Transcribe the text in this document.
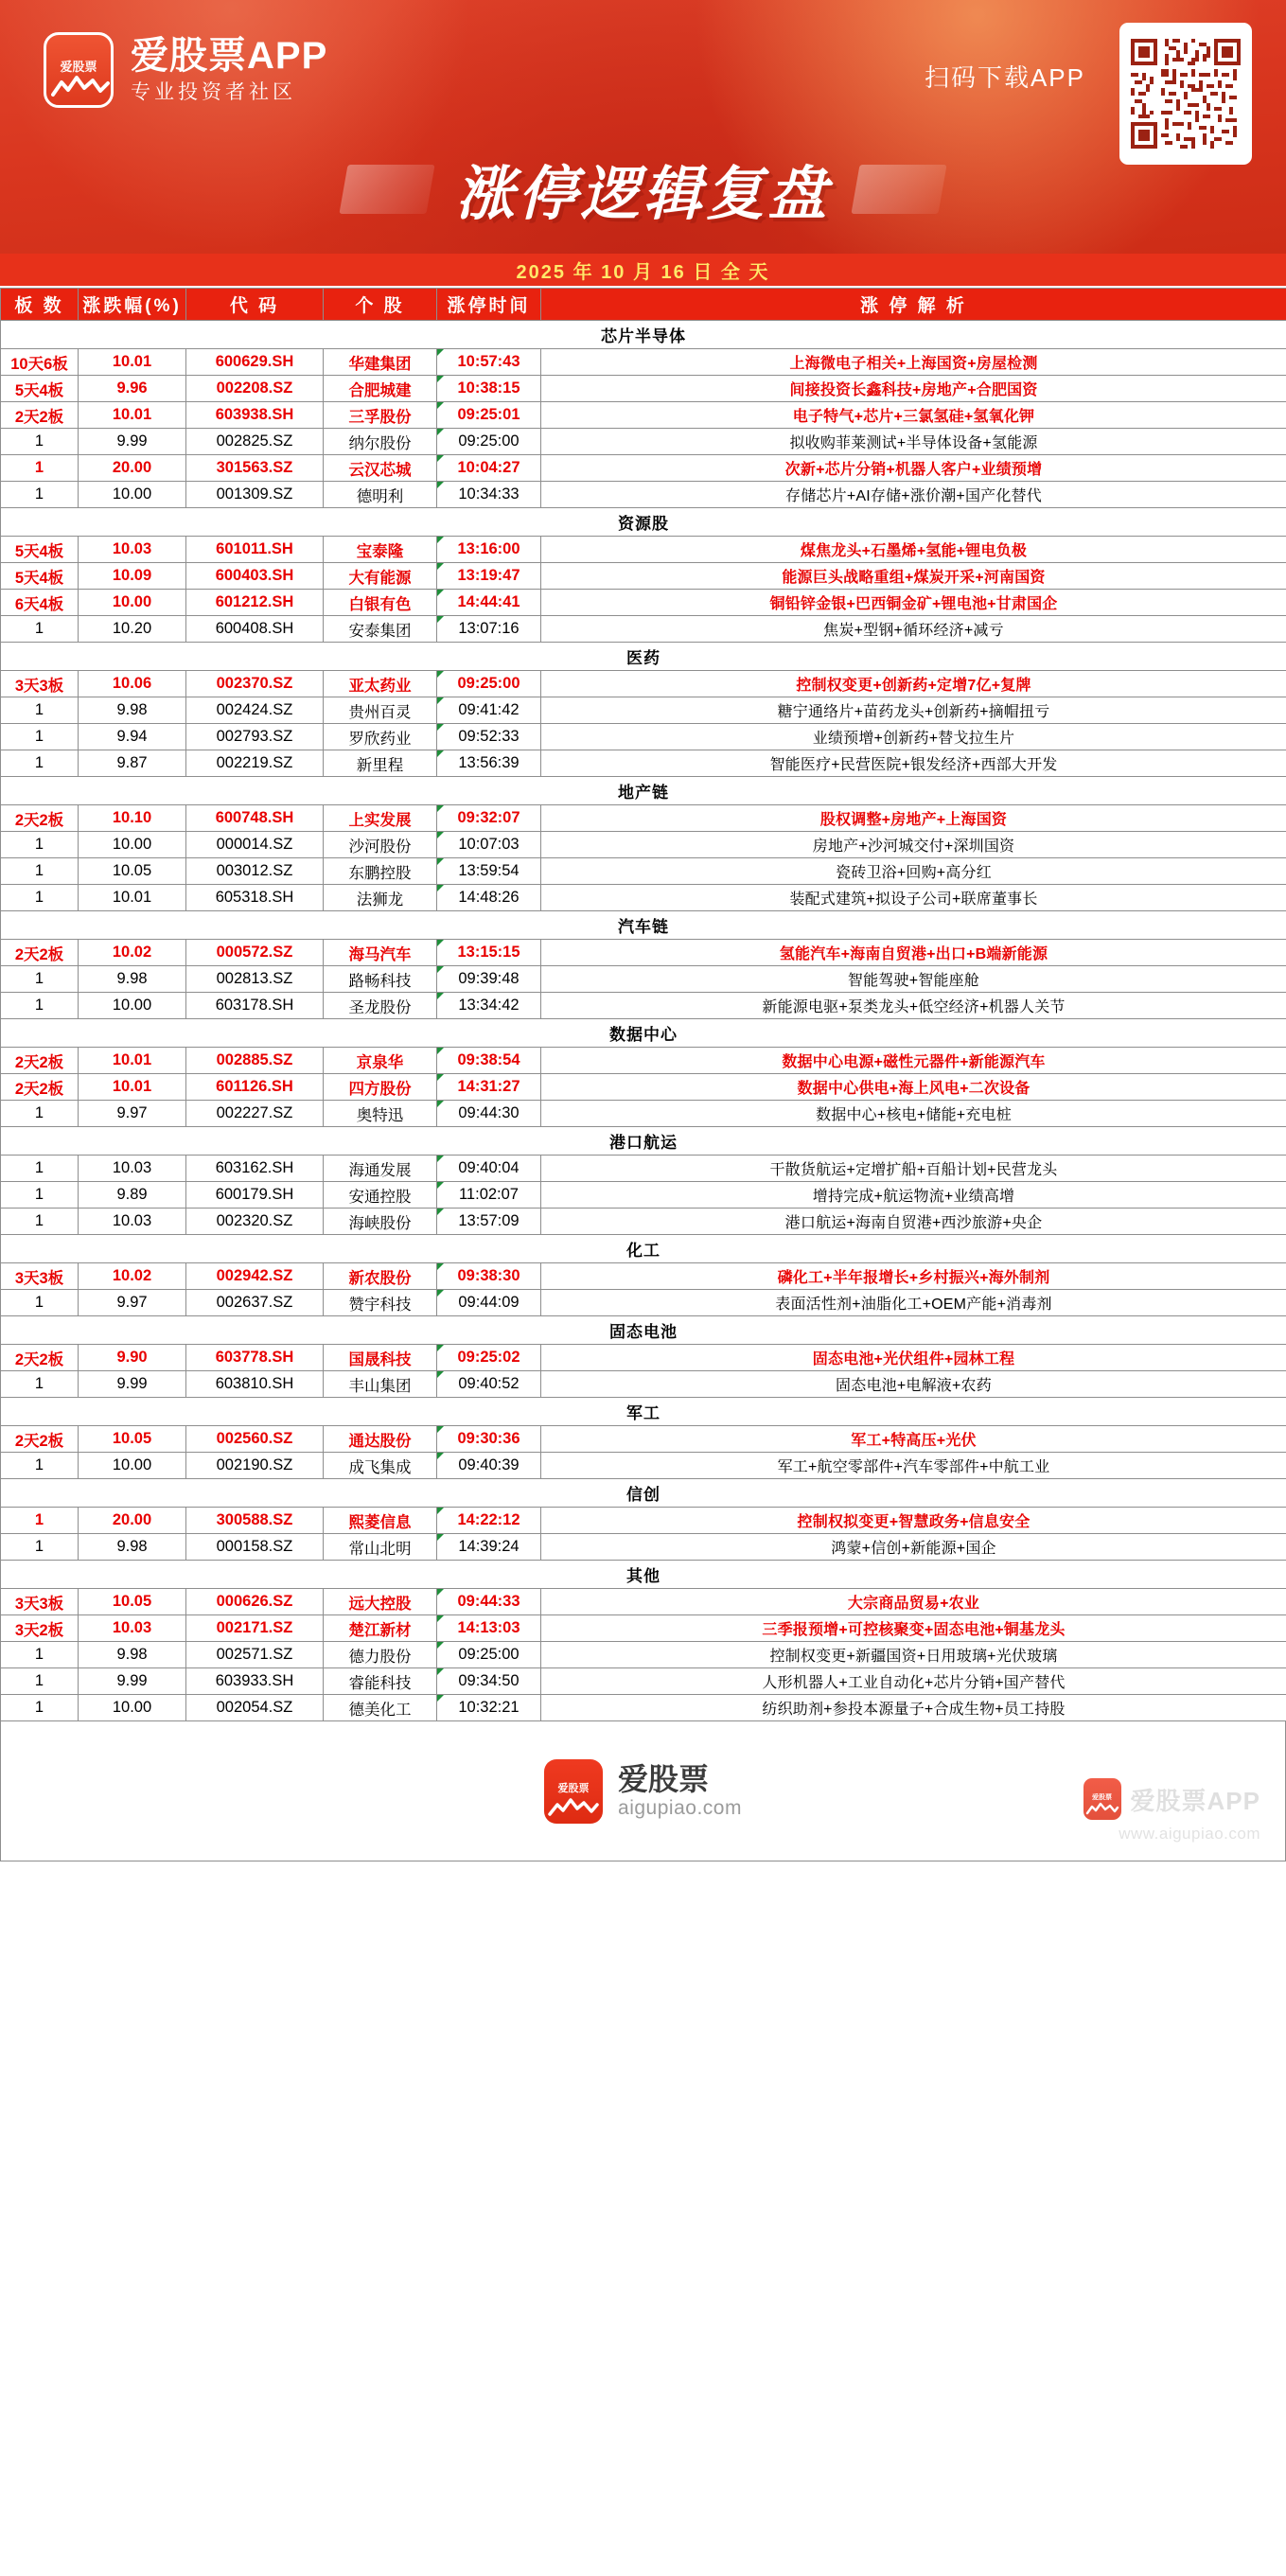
爱股票 爱股票APP
专业投资者社区
扫码下载APP
涨停逻辑复盘
2025 年 10 月 16 日 全 天
板 数	涨跌幅(%)	代 码	个 股	涨停时间	涨 停 解 析
芯片半导体					
10天6板	10.01	600629.SH	华建集团	10:57:43	上海微电子相关+上海国资+房屋检测
5天4板	9.96	002208.SZ	合肥城建	10:38:15	间接投资长鑫科技+房地产+合肥国资
2天2板	10.01	603938.SH	三孚股份	09:25:01	电子特气+芯片+三氯氢硅+氢氧化钾
1	9.99	002825.SZ	纳尔股份	09:25:00	拟收购菲莱测试+半导体设备+氢能源
1	20.00	301563.SZ	云汉芯城	10:04:27	次新+芯片分销+机器人客户+业绩预增
1	10.00	001309.SZ	德明利	10:34:33	存储芯片+AI存储+涨价潮+国产化替代
资源股					
5天4板	10.03	601011.SH	宝泰隆	13:16:00	煤焦龙头+石墨烯+氢能+锂电负极
5天4板	10.09	600403.SH	大有能源	13:19:47	能源巨头战略重组+煤炭开采+河南国资
6天4板	10.00	601212.SH	白银有色	14:44:41	铜铅锌金银+巴西铜金矿+锂电池+甘肃国企
1	10.20	600408.SH	安泰集团	13:07:16	焦炭+型钢+循环经济+减亏
医药					
3天3板	10.06	002370.SZ	亚太药业	09:25:00	控制权变更+创新药+定增7亿+复牌
1	9.98	002424.SZ	贵州百灵	09:41:42	糖宁通络片+苗药龙头+创新药+摘帽扭亏
1	9.94	002793.SZ	罗欣药业	09:52:33	业绩预增+创新药+替戈拉生片
1	9.87	002219.SZ	新里程	13:56:39	智能医疗+民营医院+银发经济+西部大开发
地产链					
2天2板	10.10	600748.SH	上实发展	09:32:07	股权调整+房地产+上海国资
1	10.00	000014.SZ	沙河股份	10:07:03	房地产+沙河城交付+深圳国资
1	10.05	003012.SZ	东鹏控股	13:59:54	瓷砖卫浴+回购+高分红
1	10.01	605318.SH	法狮龙	14:48:26	装配式建筑+拟设子公司+联席董事长
汽车链					
2天2板	10.02	000572.SZ	海马汽车	13:15:15	氢能汽车+海南自贸港+出口+B端新能源
1	9.98	002813.SZ	路畅科技	09:39:48	智能驾驶+智能座舱
1	10.00	603178.SH	圣龙股份	13:34:42	新能源电驱+泵类龙头+低空经济+机器人关节
数据中心					
2天2板	10.01	002885.SZ	京泉华	09:38:54	数据中心电源+磁性元器件+新能源汽车
2天2板	10.01	601126.SH	四方股份	14:31:27	数据中心供电+海上风电+二次设备
1	9.97	002227.SZ	奥特迅	09:44:30	数据中心+核电+储能+充电桩
港口航运					
1	10.03	603162.SH	海通发展	09:40:04	干散货航运+定增扩船+百船计划+民营龙头
1	9.89	600179.SH	安通控股	11:02:07	增持完成+航运物流+业绩高增
1	10.03	002320.SZ	海峡股份	13:57:09	港口航运+海南自贸港+西沙旅游+央企
化工					
3天3板	10.02	002942.SZ	新农股份	09:38:30	磷化工+半年报增长+乡村振兴+海外制剂
1	9.97	002637.SZ	赞宇科技	09:44:09	表面活性剂+油脂化工+OEM产能+消毒剂
固态电池					
2天2板	9.90	603778.SH	国晟科技	09:25:02	固态电池+光伏组件+园林工程
1	9.99	603810.SH	丰山集团	09:40:52	固态电池+电解液+农药
军工					
2天2板	10.05	002560.SZ	通达股份	09:30:36	军工+特高压+光伏
1	10.00	002190.SZ	成飞集成	09:40:39	军工+航空零部件+汽车零部件+中航工业
信创					
1	20.00	300588.SZ	熙菱信息	14:22:12	控制权拟变更+智慧政务+信息安全
1	9.98	000158.SZ	常山北明	14:39:24	鸿蒙+信创+新能源+国企
其他					
3天3板	10.05	000626.SZ	远大控股	09:44:33	大宗商品贸易+农业
3天2板	10.03	002171.SZ	楚江新材	14:13:03	三季报预增+可控核聚变+固态电池+铜基龙头
1	9.98	002571.SZ	德力股份	09:25:00	控制权变更+新疆国资+日用玻璃+光伏玻璃
1	9.99	603933.SH	睿能科技	09:34:50	人形机器人+工业自动化+芯片分销+国产替代
1	10.00	002054.SZ	德美化工	10:32:21	纺织助剂+参投本源量子+合成生物+员工持股
爱股票 爱股票
aigupiao.com	爱股票 爱股票APP
www.aigupiao.com
